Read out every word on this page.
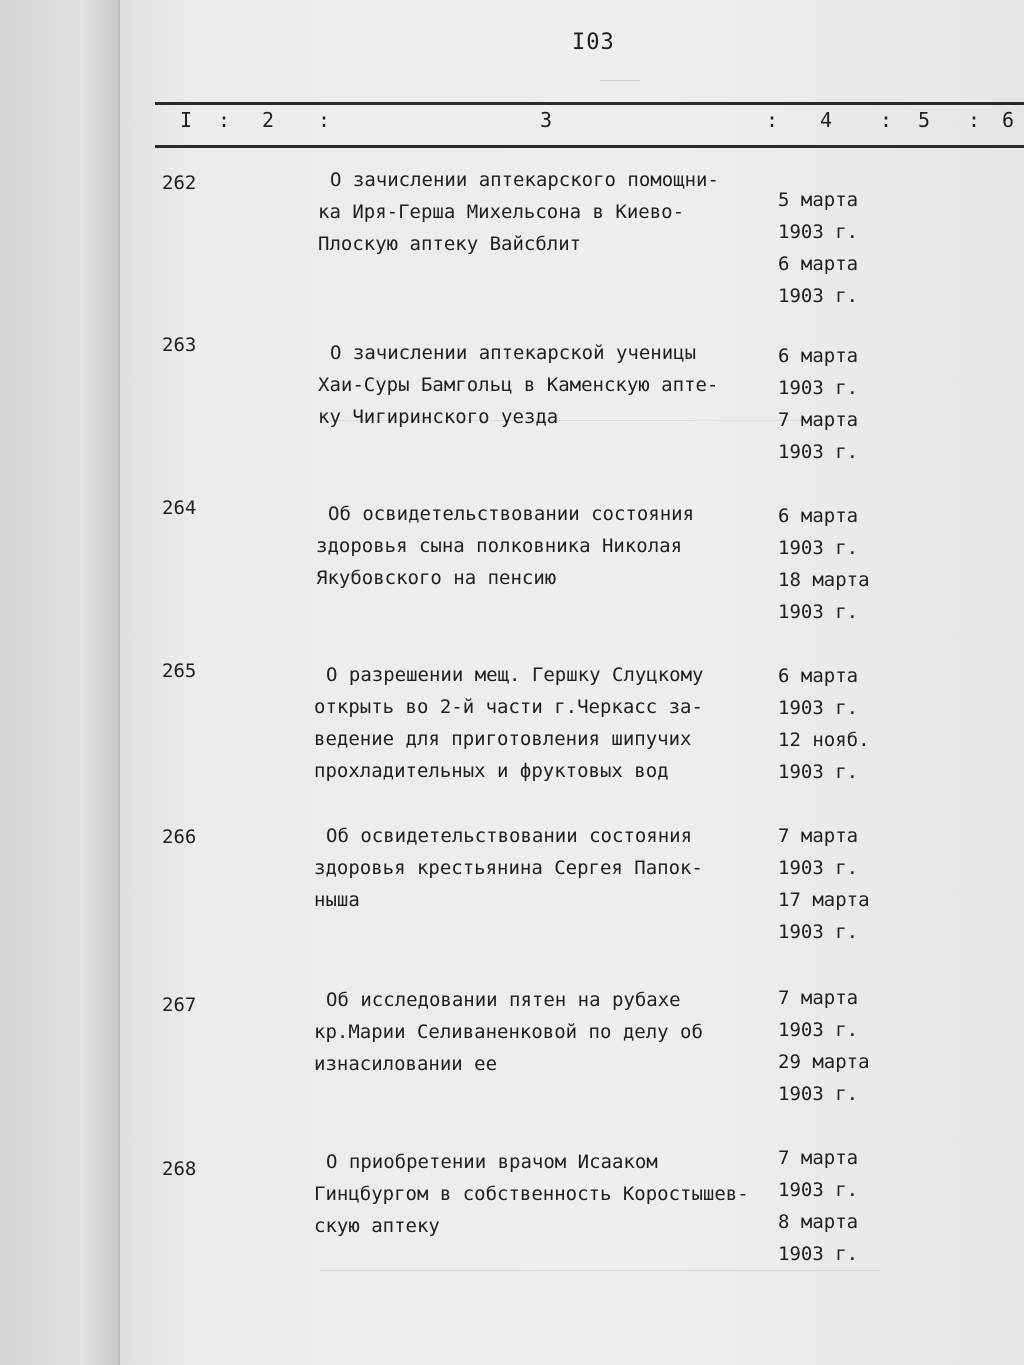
I03
I : 2 :	3	: 4 : 5 : 6
262	О зачислении аптекарского помощни-
ка Иря-Герша Михельсона в Киево-
Плоскую аптеку Вайсблит
5 марта
1903 г.
6 марта
1903 г.
263	О зачислении аптекарской ученицы
Хаи-Суры Бамгольц в Каменскую апте-
ку Чигиринского уезда
6 марта
1903 г.
7 марта
1903 г.
264	Об освидетельствовании состояния
здоровья сына полковника Николая
Якубовского на пенсию
6 марта
1903 г.
18 марта
1903 г.
265	О разрешении мещ. Гершку Слуцкому
открыть во 2-й части г.Черкасс за-
ведение для приготовления шипучих
прохладительных и фруктовых вод
6 марта
1903 г.
12 нояб.
1903 г.
266	Об освидетельствовании состояния
здоровья крестьянина Сергея Папок-
ныша
7 марта
1903 г.
17 марта
1903 г.
267	Об исследовании пятен на рубахе
кр.Марии Селиваненковой по делу об
изнасиловании ее
7 марта
1903 г.
29 марта
1903 г.
268	О приобретении врачом Исааком
Гинцбургом в собственность Коростышев-
скую аптеку
7 марта
1903 г.
8 марта
1903 г.
